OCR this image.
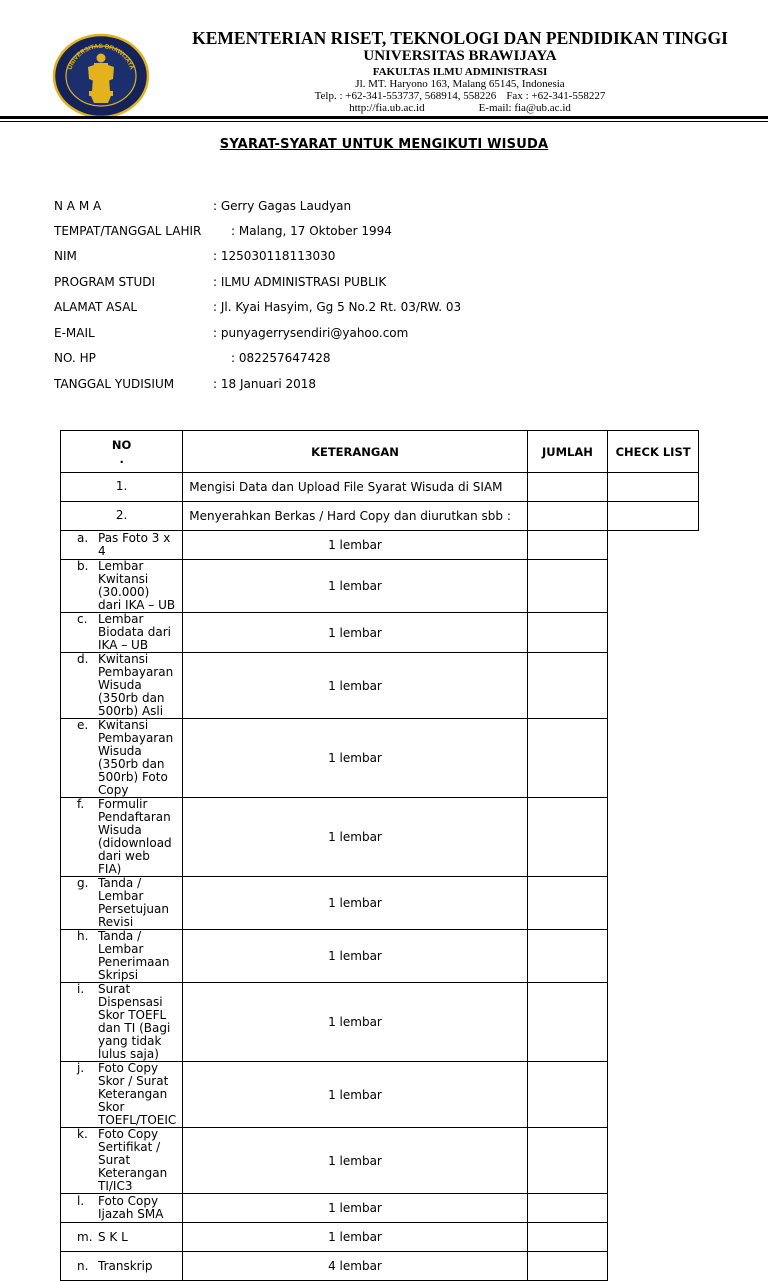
UNIVERSITAS BRAWIJAYA
KEMENTERIAN RISET, TEKNOLOGI DAN PENDIDIKAN TINGGI
UNIVERSITAS BRAWIJAYA
FAKULTAS ILMU ADMINISTRASI
Jl. MT. Haryono 163, Malang 65145, Indonesia
Telp. : +62-341-553737, 568914, 558226 Fax : +62-341-558227
http://fia.ub.ac.id	E-mail: fia@ub.ac.id
SYARAT-SYARAT UNTUK MENGIKUTI WISUDA
N A M A	: Gerry Gagas Laudyan
TEMPAT/TANGGAL LAHIR : Malang, 17 Oktober 1994
NIM	: 125030118113030
PROGRAM STUDI	: ILMU ADMINISTRASI PUBLIK
ALAMAT ASAL	: Jl. Kyai Hasyim, Gg 5 No.2 Rt. 03/RW. 03
E-MAIL	: punyagerrysendiri@yahoo.com
NO. HP	: 082257647428
TANGGAL YUDISIUM	: 18 Januari 2018
NO
.	KETERANGAN	JUMLAH	CHECK LIST
1.	Mengisi Data dan Upload File Syarat Wisuda di SIAM		
2.	Menyerahkan Berkas / Hard Copy dan diurutkan sbb :		

a. Pas Foto 3 x 4	1 lembar		

b. Lembar Kwitansi (30.000) dari IKA – UB	1 lembar		

c. Lembar Biodata dari IKA – UB	1 lembar		

d. Kwitansi Pembayaran Wisuda (350rb dan 500rb) Asli	1 lembar		

e. Kwitansi Pembayaran Wisuda (350rb dan 500rb) Foto Copy	1 lembar		

f. Formulir Pendaftaran Wisuda (didownload dari web FIA)	1 lembar		

g. Tanda / Lembar Persetujuan Revisi	1 lembar		

h. Tanda / Lembar Penerimaan Skripsi	1 lembar		

i. Surat Dispensasi Skor TOEFL dan TI (Bagi yang tidak lulus saja)	1 lembar		

j. Foto Copy Skor / Surat Keterangan Skor TOEFL/TOEIC	1 lembar		

k. Foto Copy Sertifikat / Surat Keterangan TI/IC3	1 lembar		

l. Foto Copy Ijazah SMA	1 lembar		

m. S K L	1 lembar		

n. Transkrip	4 lembar		
